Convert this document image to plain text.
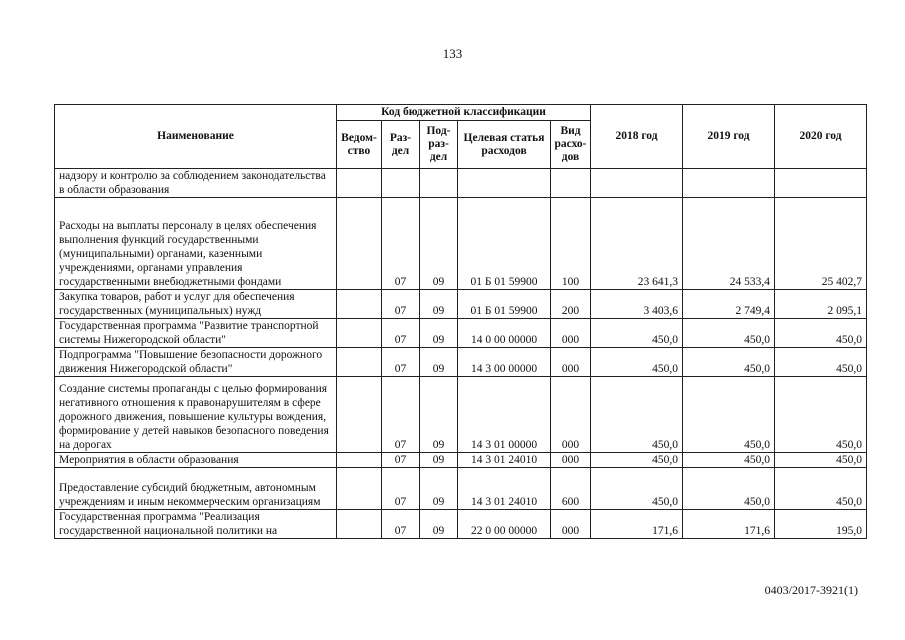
133
Наименование	Код бюджетной классификации					2018 год	2019 год	2020 год
	Ведом-ство	Раз-дел	Под-раз-дел	Целевая статья расходов	Вид расхо-дов			
надзору и контролю за соблюдением законодательства в области образования								
Расходы на выплаты персоналу в целях обеспечения выполнения функций государственными (муниципальными) органами, казенными учреждениями, органами управления государственными внебюджетными фондами		07	09	01 Б 01 59900	100	23 641,3	24 533,4	25 402,7
Закупка товаров, работ и услуг для обеспечения государственных (муниципальных) нужд		07	09	01 Б 01 59900	200	3 403,6	2 749,4	2 095,1
Государственная программа "Развитие транспортной системы Нижегородской области"		07	09	14 0 00 00000	000	450,0	450,0	450,0
Подпрограмма "Повышение безопасности дорожного движения Нижегородской области"		07	09	14 3 00 00000	000	450,0	450,0	450,0
Создание системы пропаганды с целью формирования негативного отношения к правонарушителям в сфере дорожного движения, повышение культуры вождения, формирование у детей навыков безопасного поведения на дорогах		07	09	14 3 01 00000	000	450,0	450,0	450,0
Мероприятия в области образования		07	09	14 3 01 24010	000	450,0	450,0	450,0
Предоставление субсидий бюджетным, автономным учреждениям и иным некоммерческим организациям		07	09	14 3 01 24010	600	450,0	450,0	450,0
Государственная программа "Реализация государственной национальной политики на		07	09	22 0 00 00000	000	171,6	171,6	195,0
0403/2017-3921(1)
